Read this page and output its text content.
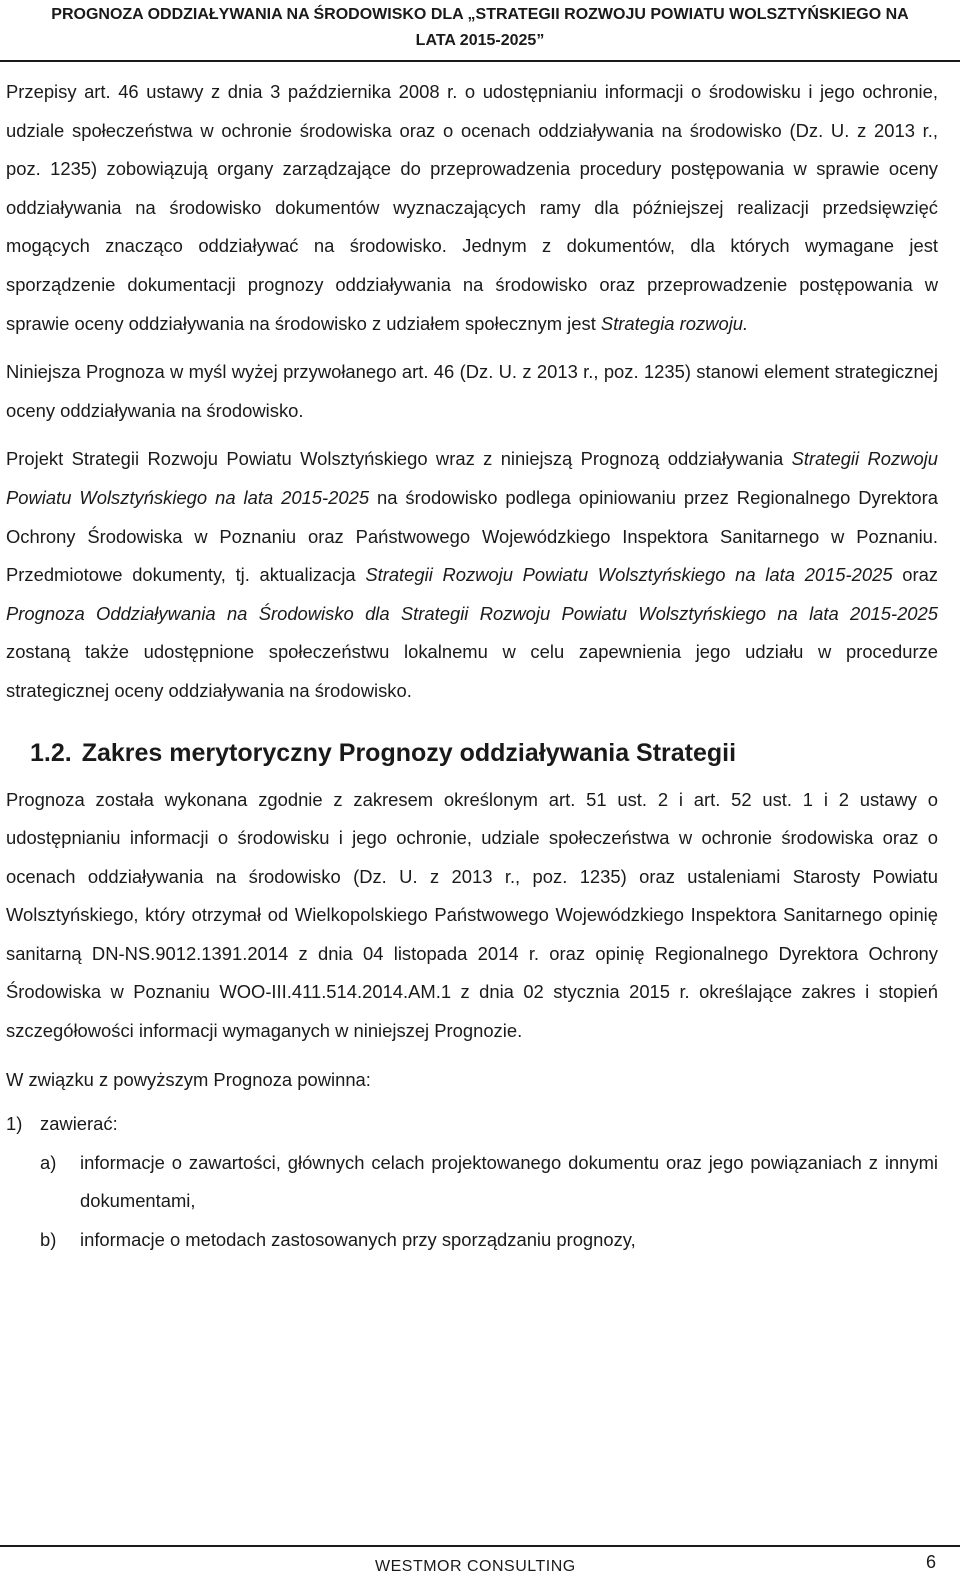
PROGNOZA ODDZIAŁYWANIA NA ŚRODOWISKO DLA „STRATEGII ROZWOJU POWIATU WOLSZTYŃSKIEGO NA
LATA 2015-2025”

Przepisy art. 46 ustawy z dnia 3 października 2008 r. o udostępnianiu informacji o środowisku i jego ochronie, udziale społeczeństwa w ochronie środowiska oraz o ocenach oddziaływania na środowisko (Dz. U. z 2013 r., poz. 1235) zobowiązują organy zarządzające do przeprowadzenia procedury postępowania w sprawie oceny oddziaływania na środowisko dokumentów wyznaczających ramy dla późniejszej realizacji przedsięwzięć mogących znacząco oddziaływać na środowisko. Jednym z dokumentów, dla których wymagane jest sporządzenie dokumentacji prognozy oddziaływania na środowisko oraz przeprowadzenie postępowania w sprawie oceny oddziaływania na środowisko z udziałem społecznym jest Strategia rozwoju.

Niniejsza Prognoza w myśl wyżej przywołanego art. 46 (Dz. U. z 2013 r., poz. 1235) stanowi element strategicznej oceny oddziaływania na środowisko.

Projekt Strategii Rozwoju Powiatu Wolsztyńskiego wraz z niniejszą Prognozą oddziaływania Strategii Rozwoju Powiatu Wolsztyńskiego na lata 2015-2025 na środowisko podlega opiniowaniu przez Regionalnego Dyrektora Ochrony Środowiska w Poznaniu oraz Państwowego Wojewódzkiego Inspektora Sanitarnego w Poznaniu. Przedmiotowe dokumenty, tj. aktualizacja Strategii Rozwoju Powiatu Wolsztyńskiego na lata 2015-2025 oraz Prognoza Oddziaływania na Środowisko dla Strategii Rozwoju Powiatu Wolsztyńskiego na lata 2015-2025 zostaną także udostępnione społeczeństwu lokalnemu w celu zapewnienia jego udziału w procedurze strategicznej oceny oddziaływania na środowisko.

1.2. Zakres merytoryczny Prognozy oddziaływania Strategii

Prognoza została wykonana zgodnie z zakresem określonym art. 51 ust. 2 i art. 52 ust. 1 i 2 ustawy o udostępnianiu informacji o środowisku i jego ochronie, udziale społeczeństwa w ochronie środowiska oraz o ocenach oddziaływania na środowisko (Dz. U. z 2013 r., poz. 1235) oraz ustaleniami Starosty Powiatu Wolsztyńskiego, który otrzymał od Wielkopolskiego Państwowego Wojewódzkiego Inspektora Sanitarnego opinię sanitarną DN-NS.9012.1391.2014 z dnia 04 listopada 2014 r. oraz opinię Regionalnego Dyrektora Ochrony Środowiska w Poznaniu WOO-III.411.514.2014.AM.1 z dnia 02 stycznia 2015 r. określające zakres i stopień szczegółowości informacji wymaganych w niniejszej Prognozie.

W związku z powyższym Prognoza powinna:

1) zawierać:
a)	informacje o zawartości, głównych celach projektowanego dokumentu oraz jego powiązaniach z innymi dokumentami,
b)	informacje o metodach zastosowanych przy sporządzaniu prognozy,
WESTMOR CONSULTING	6
